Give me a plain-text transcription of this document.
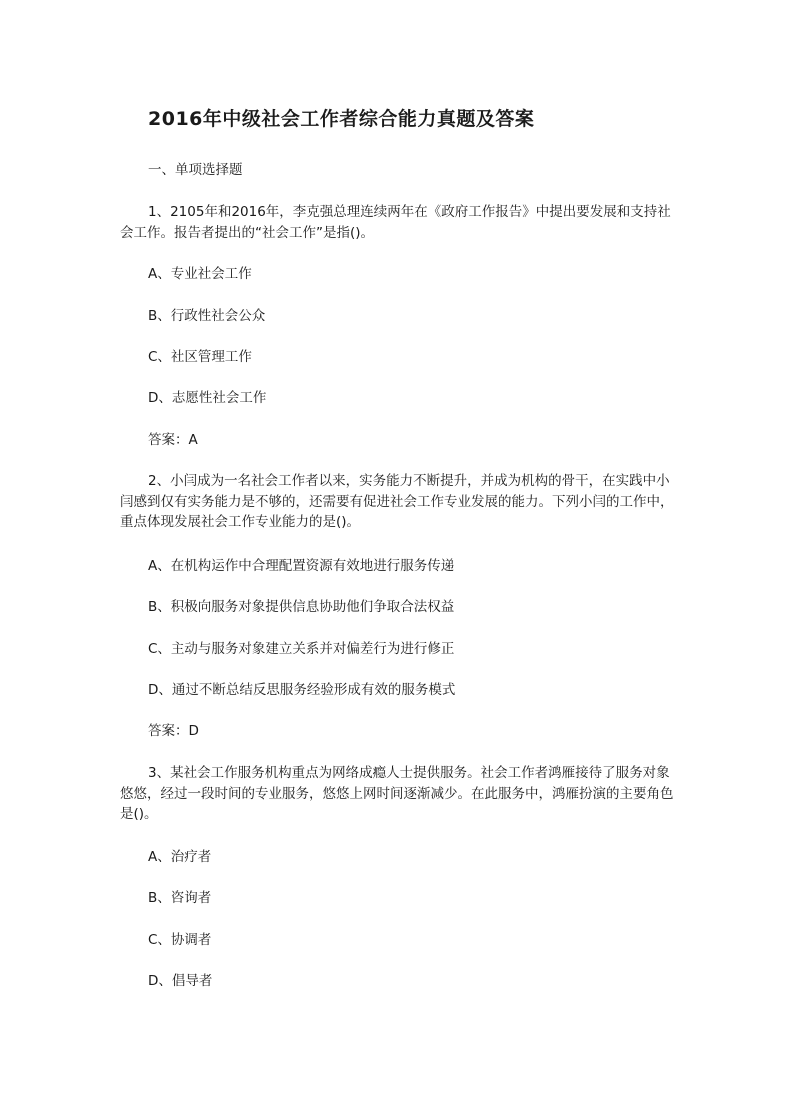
2016年中级社会工作者综合能力真题及答案
一、单项选择题
1、2105年和2016年，李克强总理连续两年在《政府工作报告》中提出要发展和支持社会工作。报告者提出的“社会工作”是指()。
A、专业社会工作
B、行政性社会公众
C、社区管理工作
D、志愿性社会工作
答案：A
2、小闫成为一名社会工作者以来，实务能力不断提升，并成为机构的骨干，在实践中小闫感到仅有实务能力是不够的，还需要有促进社会工作专业发展的能力。下列小闫的工作中，重点体现发展社会工作专业能力的是()。
A、在机构运作中合理配置资源有效地进行服务传递
B、积极向服务对象提供信息协助他们争取合法权益
C、主动与服务对象建立关系并对偏差行为进行修正
D、通过不断总结反思服务经验形成有效的服务模式
答案：D
3、某社会工作服务机构重点为网络成瘾人士提供服务。社会工作者鸿雁接待了服务对象悠悠，经过一段时间的专业服务，悠悠上网时间逐渐减少。在此服务中，鸿雁扮演的主要角色是()。
A、治疗者
B、咨询者
C、协调者
D、倡导者
